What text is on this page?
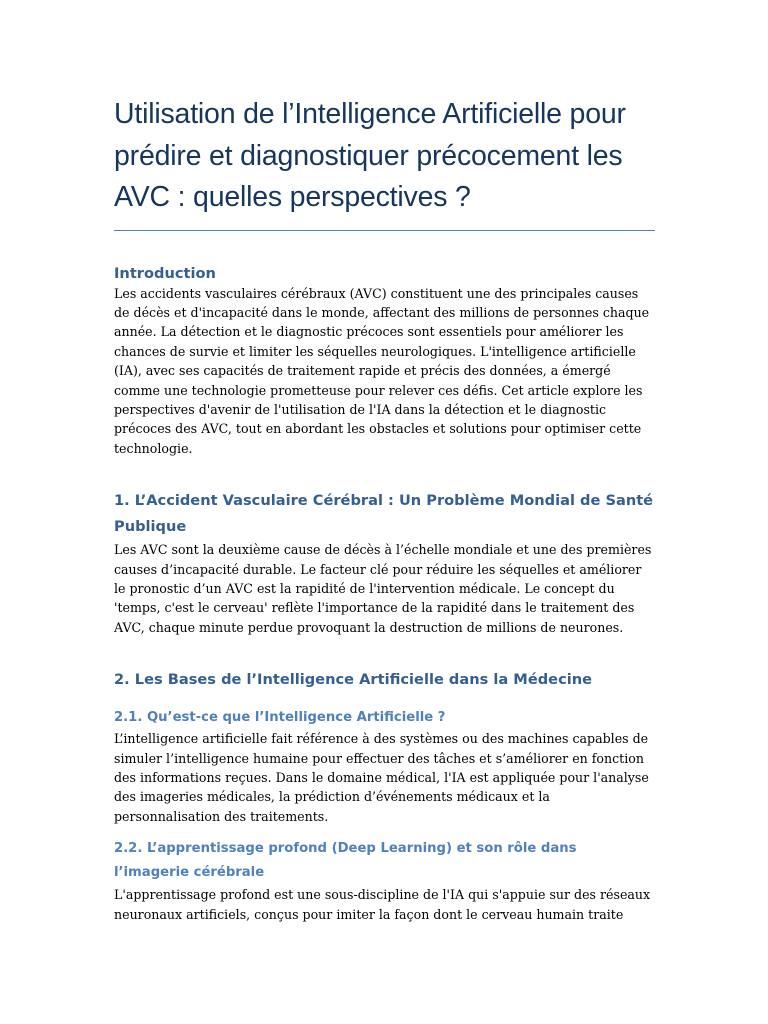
Utilisation de l’Intelligence Artificielle pour prédire et diagnostiquer précocement les AVC : quelles perspectives ?
Introduction

Les accidents vasculaires cérébraux (AVC) constituent une des principales causes de décès et d'incapacité dans le monde, affectant des millions de personnes chaque année. La détection et le diagnostic précoces sont essentiels pour améliorer les chances de survie et limiter les séquelles neurologiques. L'intelligence artificielle (IA), avec ses capacités de traitement rapide et précis des données, a émergé comme une technologie prometteuse pour relever ces défis. Cet article explore les perspectives d'avenir de l'utilisation de l'IA dans la détection et le diagnostic précoces des AVC, tout en abordant les obstacles et solutions pour optimiser cette technologie.

1. L’Accident Vasculaire Cérébral : Un Problème Mondial de Santé Publique

Les AVC sont la deuxième cause de décès à l’échelle mondiale et une des premières causes d’incapacité durable. Le facteur clé pour réduire les séquelles et améliorer le pronostic d’un AVC est la rapidité de l'intervention médicale. Le concept du 'temps, c'est le cerveau' reflète l'importance de la rapidité dans le traitement des AVC, chaque minute perdue provoquant la destruction de millions de neurones.

2. Les Bases de l’Intelligence Artificielle dans la Médecine
2.1. Qu’est-ce que l’Intelligence Artificielle ?

L’intelligence artificielle fait référence à des systèmes ou des machines capables de simuler l’intelligence humaine pour effectuer des tâches et s’améliorer en fonction des informations reçues. Dans le domaine médical, l'IA est appliquée pour l'analyse des imageries médicales, la prédiction d’événements médicaux et la personnalisation des traitements.

2.2. L’apprentissage profond (Deep Learning) et son rôle dans l’imagerie cérébrale

L'apprentissage profond est une sous-discipline de l'IA qui s'appuie sur des réseaux neuronaux artificiels, conçus pour imiter la façon dont le cerveau humain traite
